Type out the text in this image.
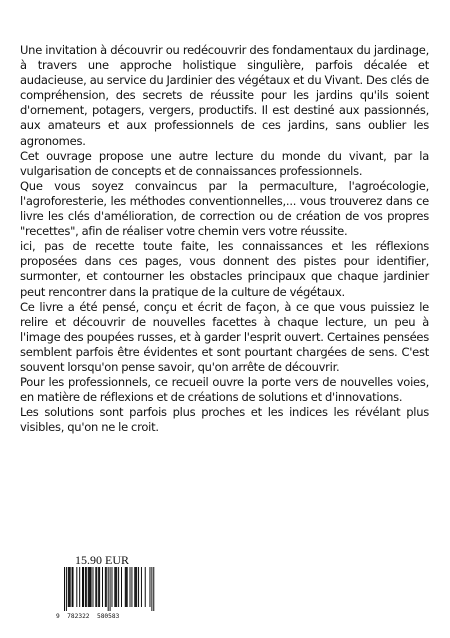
Une invitation à découvrir ou redécouvrir des fondamentaux du jardinage, à travers une approche holistique singulière, parfois décalée et audacieuse, au service du Jardinier des végétaux et du Vivant. Des clés de compréhension, des secrets de réussite pour les jardins qu'ils soient d'ornement, potagers, vergers, productifs. Il est destiné aux passionnés, aux amateurs et aux professionnels de ces jardins, sans oublier les agronomes.

Cet ouvrage propose une autre lecture du monde du vivant, par la vulgarisation de concepts et de connaissances professionnels.

Que vous soyez convaincus par la permaculture, l'agroécologie, l'agroforesterie, les méthodes conventionnelles,... vous trouverez dans ce livre les clés d'amélioration, de correction ou de création de vos propres "recettes", afin de réaliser votre chemin vers votre réussite.

ici, pas de recette toute faite, les connaissances et les réflexions proposées dans ces pages, vous donnent des pistes pour identifier, surmonter, et contourner les obstacles principaux que chaque jardinier peut rencontrer dans la pratique de la culture de végétaux.

Ce livre a été pensé, conçu et écrit de façon, à ce que vous puissiez le relire et découvrir de nouvelles facettes à chaque lecture, un peu à l'image des poupées russes, et à garder l'esprit ouvert. Certaines pensées semblent parfois être évidentes et sont pourtant chargées de sens. C'est souvent lorsqu'on pense savoir, qu'on arrête de découvrir.

Pour les professionnels, ce recueil ouvre la porte vers de nouvelles voies, en matière de réflexions et de créations de solutions et d'innovations.

Les solutions sont parfois plus proches et les indices les révélant plus visibles, qu'on ne le croit.

15.90 EUR
9  782322  580583
